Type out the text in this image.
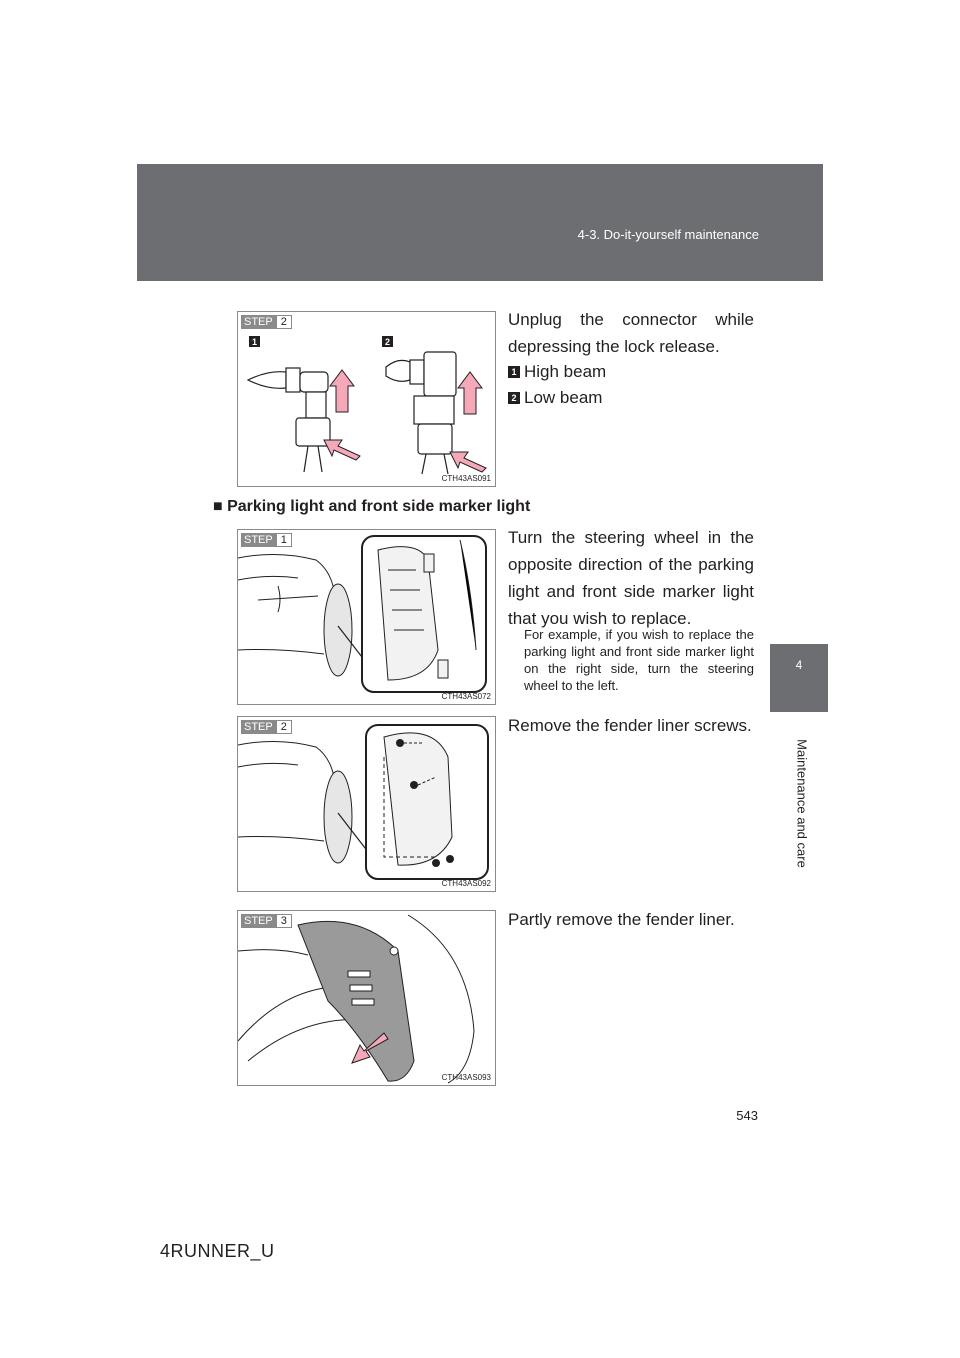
4-3. Do-it-yourself maintenance
4
Maintenance and care
1	2
STEP 2
CTH43AS091
Unplug the connector while depressing the lock release.
1 High beam
2 Low beam
■ Parking light and front side marker light
STEP 1
CTH43AS072
Turn the steering wheel in the opposite direction of the parking light and front side marker light that you wish to replace.
For example, if you wish to replace the parking light and front side marker light on the right side, turn the steering wheel to the left.
STEP 2
CTH43AS092
Remove the fender liner screws.
STEP 3
CTH43AS093
Partly remove the fender liner.
543
4RUNNER_U
